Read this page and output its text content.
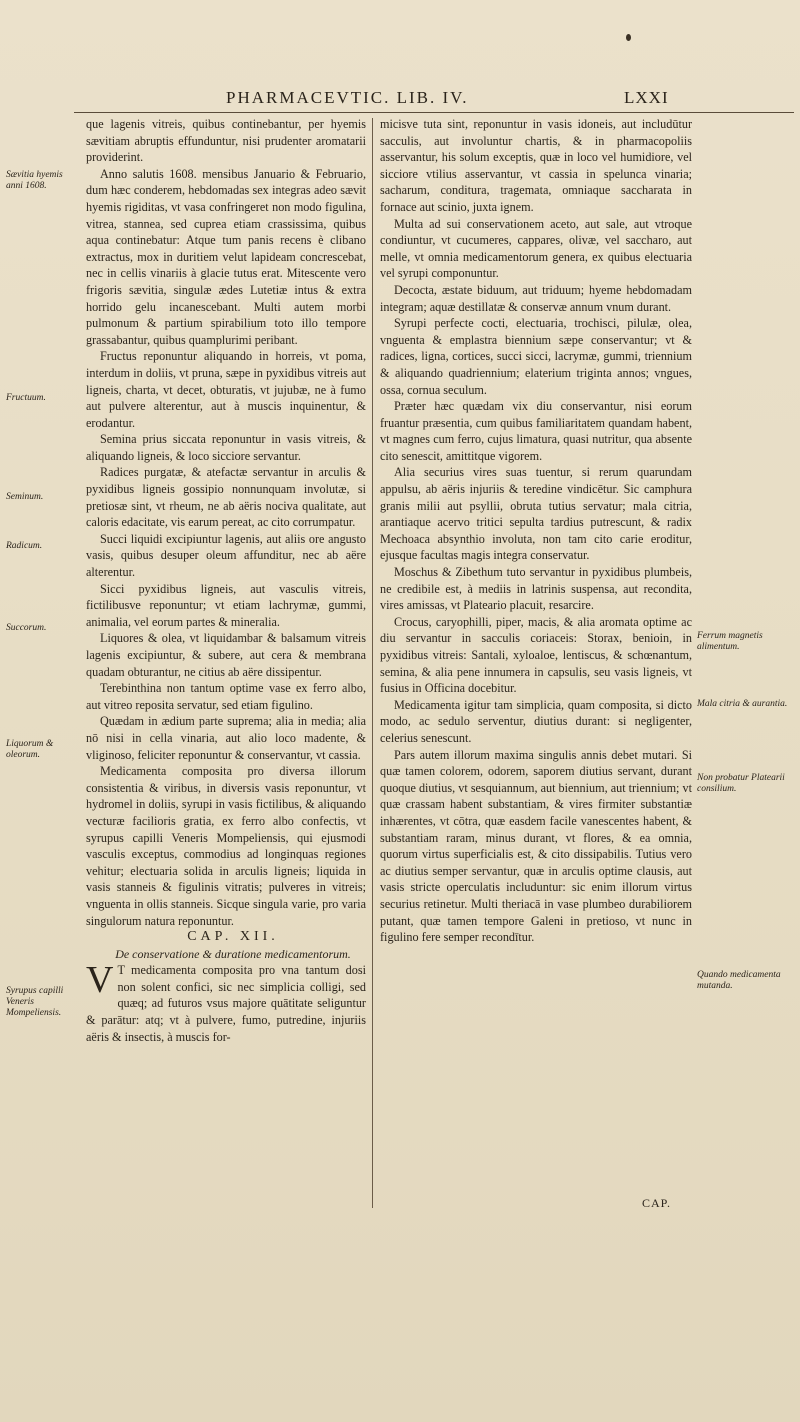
PHARMACEVTIC. LIB. IV.	LXXI
Sævitia hyemis anni 1608.
Fructuum.
Seminum.
Radicum.
Succorum.
Liquorum & oleorum.
Syrupus capilli Veneris Mompeliensis.
Ferrum magnetis alimentum.
Mala citria & aurantia.
Non probatur Platearii consilium.
Quando medicamenta mutanda.

que lagenis vitreis, quibus continebantur, per hyemis sævitiam abruptis effunduntur, nisi prudenter aromatarii providerint.

Anno salutis 1608. mensibus Januario & Februario, dum hæc conderem, hebdomadas sex integras adeo sævit hyemis rigiditas, vt vasa confringeret non modo figulina, vitrea, stannea, sed cuprea etiam crassissima, quibus aqua continebatur: Atque tum panis recens è clibano extractus, mox in duritiem velut lapideam concrescebat, nec in cellis vinariis à glacie tutus erat. Mitescente vero frigoris sævitia, singulæ ædes Lutetiæ intus & extra horrido gelu incanescebant. Multi autem morbi pulmonum & partium spirabilium toto illo tempore grassabantur, quibus quamplurimi peribant.

Fructus reponuntur aliquando in horreis, vt poma, interdum in doliis, vt pruna, sæpe in pyxidibus vitreis aut ligneis, charta, vt decet, obturatis, vt jujubæ, ne à fumo aut pulvere alterentur, aut à muscis inquinentur, & erodantur.

Semina prius siccata reponuntur in vasis vitreis, & aliquando ligneis, & loco sicciore servantur.

Radices purgatæ, & atefactæ servantur in arculis & pyxidibus ligneis gossipio nonnunquam involutæ, si pretiosæ sint, vt rheum, ne ab aëris nociva qualitate, aut caloris edacitate, vis earum pereat, ac cito corrumpatur.

Succi liquidi excipiuntur lagenis, aut aliis ore angusto vasis, quibus desuper oleum affunditur, nec ab aëre alterentur.

Sicci pyxidibus ligneis, aut vasculis vitreis, fictilibusve reponuntur; vt etiam lachrymæ, gummi, animalia, vel eorum partes & mineralia.

Liquores & olea, vt liquidambar & balsamum vitreis lagenis excipiuntur, & subere, aut cera & membrana quadam obturantur, ne citius ab aëre dissipentur.

Terebinthina non tantum optime vase ex ferro albo, aut vitreo reposita servatur, sed etiam figulino.

Quædam in ædium parte suprema; alia in media; alia nō nisi in cella vinaria, aut alio loco madente, & vliginoso, feliciter reponuntur & conservantur, vt cassia.

Medicamenta composita pro diversa illorum consistentia & viribus, in diversis vasis reponuntur, vt hydromel in doliis, syrupi in vasis fictilibus, & aliquando vecturæ facilioris gratia, ex ferro albo confectis, vt syrupus capilli Veneris Mompeliensis, qui ejusmodi vasculis exceptus, commodius ad longinquas regiones vehitur; electuaria solida in arculis ligneis; liquida in vasis stanneis & figulinis vitratis; pulveres in vitreis; vnguenta in ollis stanneis. Sicque singula varie, pro varia singulorum natura reponuntur.

CAP. XII.

De conservatione & duratione medicamentorum.

V T medicamenta composita pro vna tantum dosi non solent confici, sic nec simplicia colligi, sed quæq; ad futuros vsus majore quātitate seliguntur & parātur: atq; vt à pulvere, fumo, putredine, injuriis aëris & insectis, à muscis for-

micisve tuta sint, reponuntur in vasis idoneis, aut includūtur sacculis, aut involuntur chartis, & in pharmacopoliis asservantur, his solum exceptis, quæ in loco vel humidiore, vel sicciore vtilius asservantur, vt cassia in spelunca vinaria; sacharum, conditura, tragemata, omniaque saccharata in fornace aut scinio, juxta ignem.

Multa ad sui conservationem aceto, aut sale, aut vtroque condiuntur, vt cucumeres, cappares, olivæ, vel saccharo, aut melle, vt omnia medicamentorum genera, ex quibus electuaria vel syrupi componuntur.

Decocta, æstate biduum, aut triduum; hyeme hebdomadam integram; aquæ destillatæ & conservæ annum vnum durant.

Syrupi perfecte cocti, electuaria, trochisci, pilulæ, olea, vnguenta & emplastra biennium sæpe conservantur; vt & radices, ligna, cortices, succi sicci, lacrymæ, gummi, triennium & aliquando quadriennium; elaterium triginta annos; vngues, ossa, cornua seculum.

Præter hæc quædam vix diu conservantur, nisi eorum fruantur præsentia, cum quibus familiaritatem quandam habent, vt magnes cum ferro, cujus limatura, quasi nutritur, qua absente cito senescit, amittitque vigorem.

Alia securius vires suas tuentur, si rerum quarundam appulsu, ab aëris injuriis & teredine vindicētur. Sic camphura granis milii aut psyllii, obruta tutius servatur; mala citria, arantiaque acervo tritici sepulta tardius putrescunt, & radix Mechoaca absynthio involuta, non tam cito carie eroditur, ejusque facultas magis integra conservatur.

Moschus & Zibethum tuto servantur in pyxidibus plumbeis, ne credibile est, à mediis in latrinis suspensa, aut recondita, vires amissas, vt Plateario placuit, resarcire.

Crocus, caryophilli, piper, macis, & alia aromata optime ac diu servantur in sacculis coriaceis: Storax, benioin, in pyxidibus vitreis: Santali, xyloaloe, lentiscus, & schœnantum, semina, & alia pene innumera in capsulis, seu vasis ligneis, vt fusius in Officina docebitur.

Medicamenta igitur tam simplicia, quam composita, si dicto modo, ac sedulo serventur, diutius durant: si negligenter, celerius senescunt.

Pars autem illorum maxima singulis annis debet mutari. Si quæ tamen colorem, odorem, saporem diutius servant, durant quoque diutius, vt sesquiannum, aut biennium, aut triennium; vt quæ crassam habent substantiam, & vires firmiter substantiæ inhærentes, vt cōtra, quæ easdem facile vanescentes habent, & substantiam raram, minus durant, vt flores, & ea omnia, quorum virtus superficialis est, & cito dissipabilis. Tutius vero ac diutius semper servantur, quæ in arculis optime clausis, aut vasis stricte operculatis includuntur: sic enim illorum virtus securius retinetur. Multi theriacā in vase plumbeo durabiliorem putant, quæ tamen tempore Galeni in pretioso, vt nunc in figulino fere semper recondītur.

CAP.
